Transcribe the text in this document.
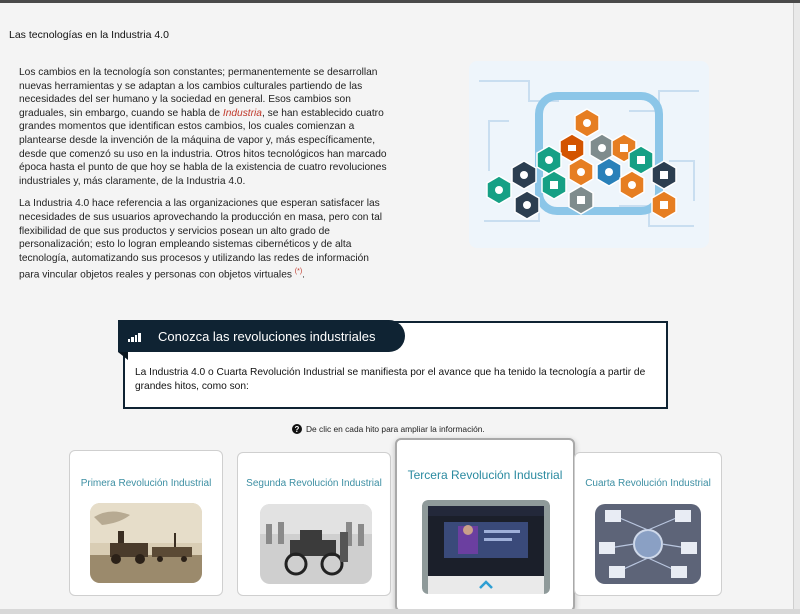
Las tecnologías en la Industria 4.0

Los cambios en la tecnología son constantes; permanentemente se desarrollan nuevas herramientas y se adaptan a los cambios culturales partiendo de las necesidades del ser humano y la sociedad en general. Esos cambios son graduales, sin embargo, cuando se habla de Industria, se han establecido cuatro grandes momentos que identifican estos cambios, los cuales comienzan a plantearse desde la invención de la máquina de vapor y, más específicamente, desde que comenzó su uso en la industria. Otros hitos tecnológicos han marcado época hasta el punto de que hoy se habla de la existencia de cuatro revoluciones industriales y, más claramente, de la Industria 4.0.

La Industria 4.0 hace referencia a las organizaciones que esperan satisfacer las necesidades de sus usuarios aprovechando la producción en masa, pero con tal flexibilidad de que sus productos y servicios posean un alto grado de personalización; esto lo logran empleando sistemas cibernéticos y de alta tecnología, automatizando sus procesos y utilizando las redes de información para vincular objetos reales y personas con objetos virtuales (*).

Conozca las revoluciones industriales
La Industria 4.0 o Cuarta Revolución Industrial se manifiesta por el avance que ha tenido la tecnología a partir de grandes hitos, como son:
? De clic en cada hito para ampliar la información.
Primera Revolución Industrial	Segunda Revolución Industrial
Tercera Revolución Industrial
Cuarta Revolución Industrial
